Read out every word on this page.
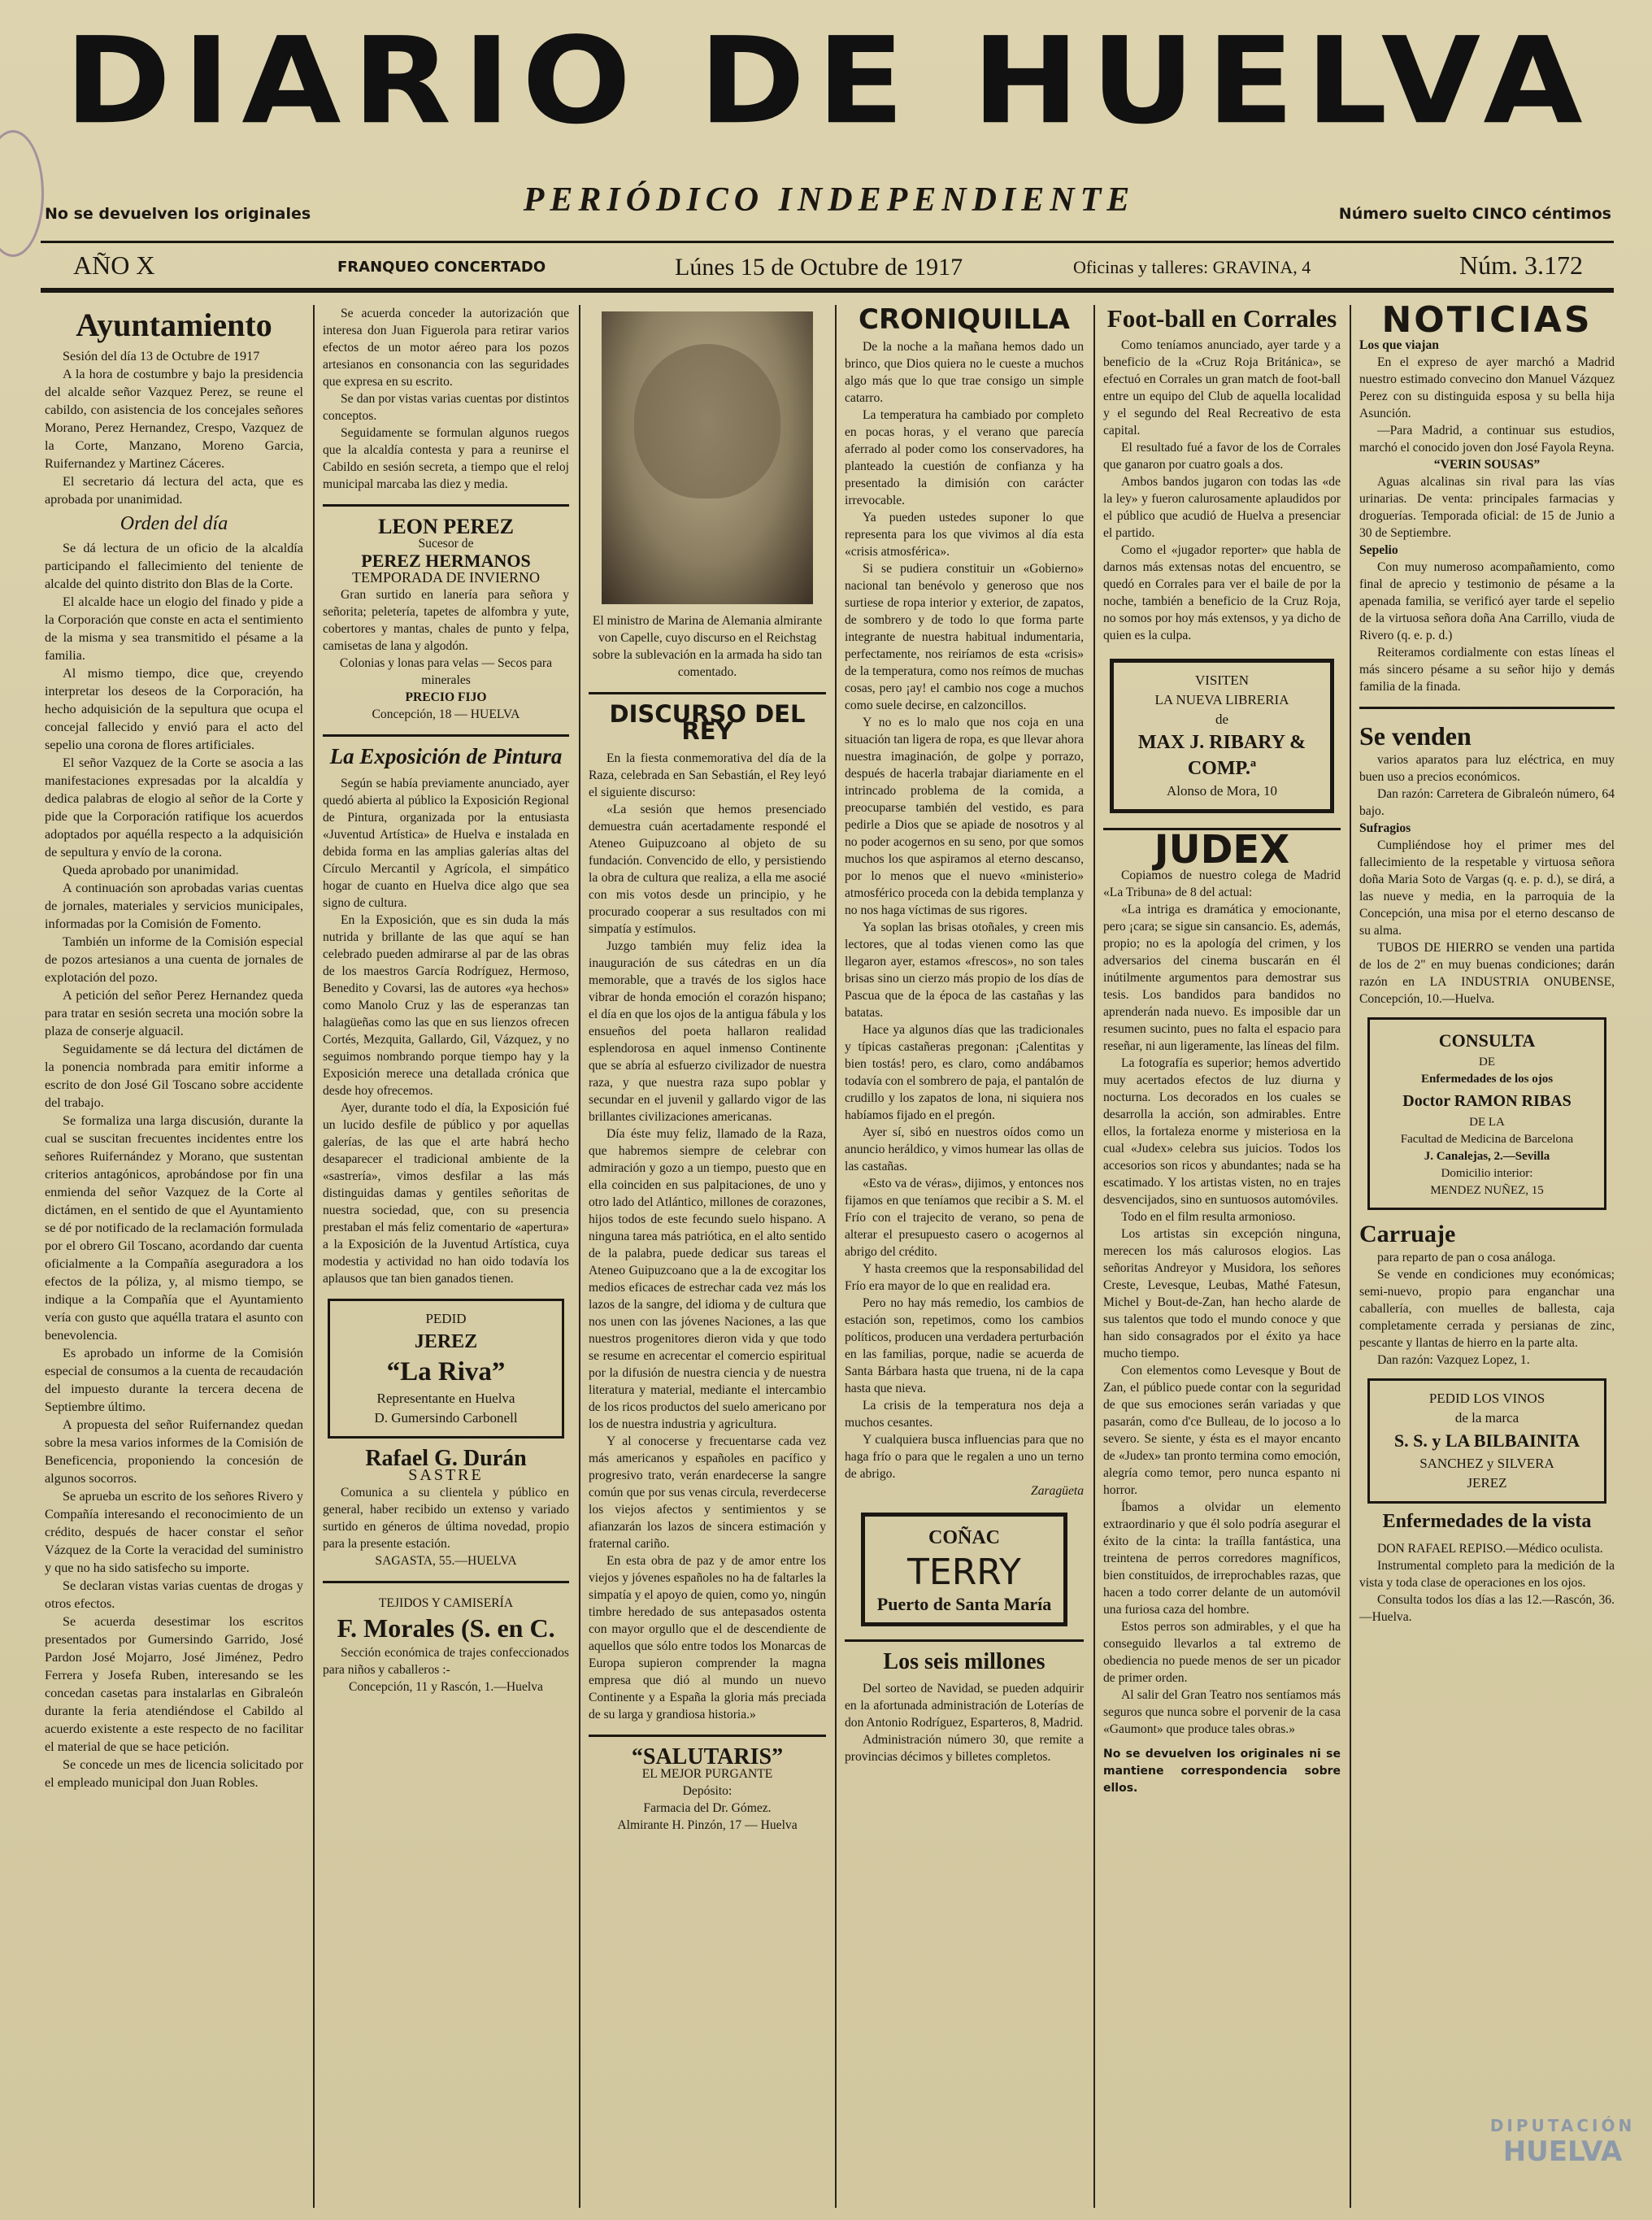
DIARIO DE HUELVA
PERIÓDICO INDEPENDIENTE
No se devuelven los originales	Número suelto CINCO céntimos
AÑO X	FRANQUEO CONCERTADO	Lúnes 15 de Octubre de 1917	Oficinas y talleres: GRAVINA, 4	Núm. 3.172
Ayuntamiento

Sesión del día 13 de Octubre de 1917

A la hora de costumbre y bajo la presidencia del alcalde señor Vazquez Perez, se reune el cabildo, con asistencia de los concejales señores Morano, Perez Hernandez, Crespo, Vazquez de la Corte, Manzano, Moreno Garcia, Ruifernandez y Martinez Cáceres.

El secretario dá lectura del acta, que es aprobada por unanimidad.

Orden del día

Se dá lectura de un oficio de la alcaldía participando el fallecimiento del teniente de alcalde del quinto distrito don Blas de la Corte.

El alcalde hace un elogio del finado y pide a la Corporación que conste en acta el sentimiento de la misma y sea transmitido el pésame a la familia.

Al mismo tiempo, dice que, creyendo interpretar los deseos de la Corporación, ha hecho adquisición de la sepultura que ocupa el concejal fallecido y envió para el acto del sepelio una corona de flores artificiales.

El señor Vazquez de la Corte se asocia a las manifestaciones expresadas por la alcaldía y dedica palabras de elogio al señor de la Corte y pide que la Corporación ratifique los acuerdos adoptados por aquélla respecto a la adquisición de sepultura y envío de la corona.

Queda aprobado por unanimidad.

A continuación son aprobadas varias cuentas de jornales, materiales y servicios municipales, informadas por la Comisión de Fomento.

También un informe de la Comisión especial de pozos artesianos a una cuenta de jornales de explotación del pozo.

A petición del señor Perez Hernandez queda para tratar en sesión secreta una moción sobre la plaza de conserje alguacil.

Seguidamente se dá lectura del dictámen de la ponencia nombrada para emitir informe a escrito de don José Gil Toscano sobre accidente del trabajo.

Se formaliza una larga discusión, durante la cual se suscitan frecuentes incidentes entre los señores Ruifernández y Morano, que sustentan criterios antagónicos, aprobándose por fin una enmienda del señor Vazquez de la Corte al dictámen, en el sentido de que el Ayuntamiento se dé por notificado de la reclamación formulada por el obrero Gil Toscano, acordando dar cuenta oficialmente a la Compañía aseguradora a los efectos de la póliza, y, al mismo tiempo, se indique a la Compañía que el Ayuntamiento vería con gusto que aquélla tratara el asunto con benevolencia.

Es aprobado un informe de la Comisión especial de consumos a la cuenta de recaudación del impuesto durante la tercera decena de Septiembre último.

A propuesta del señor Ruifernandez quedan sobre la mesa varios informes de la Comisión de Beneficencia, proponiendo la concesión de algunos socorros.

Se aprueba un escrito de los señores Rivero y Compañía interesando el reconocimiento de un crédito, después de hacer constar el señor Vázquez de la Corte la veracidad del suministro y que no ha sido satisfecho su importe.

Se declaran vistas varias cuentas de drogas y otros efectos.

Se acuerda desestimar los escritos presentados por Gumersindo Garrido, José Pardon José Mojarro, José Jiménez, Pedro Ferrera y Josefa Ruben, interesando se les concedan casetas para instalarlas en Gibraleón durante la feria atendiéndose el Cabildo al acuerdo existente a este respecto de no facilitar el material de que se hace petición.

Se concede un mes de licencia solicitado por el empleado municipal don Juan Robles.

Se acuerda conceder la autorización que interesa don Juan Figuerola para retirar varios efectos de un motor aéreo para los pozos artesianos en consonancia con las seguridades que expresa en su escrito.

Se dan por vistas varias cuentas por distintos conceptos.

Seguidamente se formulan algunos ruegos que la alcaldía contesta y para a reunirse el Cabildo en sesión secreta, a tiempo que el reloj municipal marcaba las diez y media.

LEON PEREZ
Sucesor de
PEREZ HERMANOS
TEMPORADA DE INVIERNO

Gran surtido en lanería para señora y señorita; peletería, tapetes de alfombra y yute, cobertores y mantas, chales de punto y felpa, camisetas de lana y algodón.

Colonias y lonas para velas — Secos para minerales
PRECIO FIJO
Concepción, 18 — HUELVA
La Exposición de Pintura

Según se había previamente anunciado, ayer quedó abierta al público la Exposición Regional de Pintura, organizada por la entusiasta «Juventud Artística» de Huelva e instalada en debida forma en las amplias galerías altas del Círculo Mercantil y Agrícola, el simpático hogar de cuanto en Huelva dice algo que sea signo de cultura.

En la Exposición, que es sin duda la más nutrida y brillante de las que aquí se han celebrado pueden admirarse al par de las obras de los maestros García Rodríguez, Hermoso, Benedito y Covarsi, las de autores «ya hechos» como Manolo Cruz y las de esperanzas tan halagüeñas como las que en sus lienzos ofrecen Cortés, Mezquita, Gallardo, Gil, Vázquez, y no seguimos nombrando porque tiempo hay y la Exposición merece una detallada crónica que desde hoy ofrecemos.

Ayer, durante todo el día, la Exposición fué un lucido desfile de público y por aquellas galerías, de las que el arte habrá hecho desaparecer el tradicional ambiente de la «sastrería», vimos desfilar a las más distinguidas damas y gentiles señoritas de nuestra sociedad, que, con su presencia prestaban el más feliz comentario de «apertura» a la Exposición de la Juventud Artística, cuya modestia y actividad no han oido todavía los aplausos que tan bien ganados tienen.

PEDID
JEREZ
“La Riva”
Representante en Huelva
D. Gumersindo Carbonell
Rafael G. Durán
SASTRE

Comunica a su clientela y público en general, haber recibido un extenso y variado surtido en géneros de última novedad, propio para la presente estación.

SAGASTA, 55.—HUELVA
TEJIDOS Y CAMISERÍA
F. Morales (S. en C.

Sección económica de trajes confeccionados para niños y caballeros :-

Concepción, 11 y Rascón, 1.—Huelva

El ministro de Marina de Alemania almirante von Capelle, cuyo discurso en el Reichstag sobre la sublevación en la armada ha sido tan comentado.

DISCURSO DEL REY

En la fiesta conmemorativa del día de la Raza, celebrada en San Sebastián, el Rey leyó el siguiente discurso:

«La sesión que hemos presenciado demuestra cuán acertadamente respondé el Ateneo Guipuzcoano al objeto de su fundación. Convencido de ello, y persistiendo la obra de cultura que realiza, a ella me asocié con mis votos desde un principio, y he procurado cooperar a sus resultados con mi simpatía y estímulos.

Juzgo también muy feliz idea la inauguración de sus cátedras en un día memorable, que a través de los siglos hace vibrar de honda emoción el corazón hispano; el día en que los ojos de la antigua fábula y los ensueños del poeta hallaron realidad esplendorosa en aquel inmenso Continente que se abría al esfuerzo civilizador de nuestra raza, y que nuestra raza supo poblar y secundar en el juvenil y gallardo vigor de las brillantes civilizaciones americanas.

Día éste muy feliz, llamado de la Raza, que habremos siempre de celebrar con admiración y gozo a un tiempo, puesto que en ella coinciden en sus palpitaciones, de uno y otro lado del Atlántico, millones de corazones, hijos todos de este fecundo suelo hispano. A ninguna tarea más patriótica, en el alto sentido de la palabra, puede dedicar sus tareas el Ateneo Guipuzcoano que a la de excogitar los medios eficaces de estrechar cada vez más los lazos de la sangre, del idioma y de cultura que nos unen con las jóvenes Naciones, a las que nuestros progenitores dieron vida y que todo se resume en acrecentar el comercio espiritual por la difusión de nuestra ciencia y de nuestra literatura y material, mediante el intercambio de los ricos productos del suelo americano por los de nuestra industria y agricultura.

Y al conocerse y frecuentarse cada vez más americanos y españoles en pacífico y progresivo trato, verán enardecerse la sangre común que por sus venas circula, reverdecerse los viejos afectos y sentimientos y se afianzarán los lazos de sincera estimación y fraternal cariño.

En esta obra de paz y de amor entre los viejos y jóvenes españoles no ha de faltarles la simpatía y el apoyo de quien, como yo, ningún timbre heredado de sus antepasados ostenta con mayor orgullo que el de descendiente de aquellos que sólo entre todos los Monarcas de Europa supieron comprender la magna empresa que dió al mundo un nuevo Continente y a España la gloria más preciada de su larga y grandiosa historia.»

“SALUTARIS”
EL MEJOR PURGANTE
Depósito:
Farmacia del Dr. Gómez.
Almirante H. Pinzón, 17 — Huelva
CRONIQUILLA

De la noche a la mañana hemos dado un brinco, que Dios quiera no le cueste a muchos algo más que lo que trae consigo un simple catarro.

La temperatura ha cambiado por completo en pocas horas, y el verano que parecía aferrado al poder como los conservadores, ha planteado la cuestión de confianza y ha presentado la dimisión con carácter irrevocable.

Ya pueden ustedes suponer lo que representa para los que vivimos al día esta «crisis atmosférica».

Si se pudiera constituir un «Gobierno» nacional tan benévolo y generoso que nos surtiese de ropa interior y exterior, de zapatos, de sombrero y de todo lo que forma parte integrante de nuestra habitual indumentaria, perfectamente, nos reiríamos de esta «crisis» de la temperatura, como nos reímos de muchas cosas, pero ¡ay! el cambio nos coge a muchos como suele decirse, en calzoncillos.

Y no es lo malo que nos coja en una situación tan ligera de ropa, es que llevar ahora nuestra imaginación, de golpe y porrazo, después de hacerla trabajar diariamente en el intrincado problema de la comida, a preocuparse también del vestido, es para pedirle a Dios que se apiade de nosotros y al no poder acogernos en su seno, por que somos muchos los que aspiramos al eterno descanso, por lo menos que el nuevo «ministerio» atmosférico proceda con la debida templanza y no nos haga víctimas de sus rigores.

Ya soplan las brisas otoñales, y creen mis lectores, que al todas vienen como las que llegaron ayer, estamos «frescos», no son tales brisas sino un cierzo más propio de los días de Pascua que de la época de las castañas y las batatas.

Hace ya algunos días que las tradicionales y típicas castañeras pregonan: ¡Calentitas y bien tostás! pero, es claro, como andábamos todavía con el sombrero de paja, el pantalón de crudillo y los zapatos de lona, ni siquiera nos habíamos fijado en el pregón.

Ayer sí, sibó en nuestros oídos como un anuncio heráldico, y vimos humear las ollas de las castañas.

«Esto va de véras», dijimos, y entonces nos fijamos en que teníamos que recibir a S. M. el Frío con el trajecito de verano, so pena de alterar el presupuesto casero o acogernos al abrigo del crédito.

Y hasta creemos que la responsabilidad del Frío era mayor de lo que en realidad era.

Pero no hay más remedio, los cambios de estación son, repetimos, como los cambios políticos, producen una verdadera perturbación en las familias, porque, nadie se acuerda de Santa Bárbara hasta que truena, ni de la capa hasta que nieva.

La crisis de la temperatura nos deja a muchos cesantes.

Y cualquiera busca influencias para que no haga frío o para que le regalen a uno un terno de abrigo.

Zaragüeta
COÑAC
TERRY
Puerto de Santa María
Los seis millones

Del sorteo de Navidad, se pueden adquirir en la afortunada administración de Loterías de don Antonio Rodríguez, Esparteros, 8, Madrid.

Administración número 30, que remite a provincias décimos y billetes completos.

Foot-ball en Corrales

Como teníamos anunciado, ayer tarde y a beneficio de la «Cruz Roja Británica», se efectuó en Corrales un gran match de foot-ball entre un equipo del Club de aquella localidad y el segundo del Real Recreativo de esta capital.

El resultado fué a favor de los de Corrales que ganaron por cuatro goals a dos.

Ambos bandos jugaron con todas las «de la ley» y fueron calurosamente aplaudidos por el público que acudió de Huelva a presenciar el partido.

Como el «jugador reporter» que habla de darnos más extensas notas del encuentro, se quedó en Corrales para ver el baile de por la noche, también a beneficio de la Cruz Roja, no somos por hoy más extensos, y ya dicho de quien es la culpa.

VISITEN
LA NUEVA LIBRERIA
de
MAX J. RIBARY & COMP.ª
Alonso de Mora, 10
JUDEX

Copiamos de nuestro colega de Madrid «La Tribuna» de 8 del actual:

«La intriga es dramática y emocionante, pero ¡cara; se sigue sin cansancio. Es, además, propio; no es la apología del crimen, y los adversarios del cinema buscarán en él inútilmente argumentos para demostrar sus tesis. Los bandidos para bandidos no aprenderán nada nuevo. Es imposible dar un resumen sucinto, pues no falta el espacio para reseñar, ni aun ligeramente, las líneas del film.

La fotografía es superior; hemos advertido muy acertados efectos de luz diurna y nocturna. Los decorados en los cuales se desarrolla la acción, son admirables. Entre ellos, la fortaleza enorme y misteriosa en la cual «Judex» celebra sus juicios. Todos los accesorios son ricos y abundantes; nada se ha escatimado. Y los artistas visten, no en trajes desvencijados, sino en suntuosos automóviles.

Todo en el film resulta armonioso.

Los artistas sin excepción ninguna, merecen los más calurosos elogios. Las señoritas Andreyor y Musidora, los señores Creste, Levesque, Leubas, Mathé Fatesun, Michel y Bout-de-Zan, han hecho alarde de sus talentos que todo el mundo conoce y que han sido consagrados por el éxito ya hace mucho tiempo.

Con elementos como Levesque y Bout de Zan, el público puede contar con la seguridad de que sus emociones serán variadas y que pasarán, como d'ce Bulleau, de lo jocoso a lo severo. Se siente, y ésta es el mayor encanto de «Judex» tan pronto termina como emoción, alegría como temor, pero nunca espanto ni horror.

Íbamos a olvidar un elemento extraordinario y que él solo podría asegurar el éxito de la cinta: la traílla fantástica, una treintena de perros corredores magníficos, bien constituidos, de irreprochables razas, que hacen a todo correr delante de un automóvil una furiosa caza del hombre.

Estos perros son admirables, y el que ha conseguido llevarlos a tal extremo de obediencia no puede menos de ser un picador de primer orden.

Al salir del Gran Teatro nos sentíamos más seguros que nunca sobre el porvenir de la casa «Gaumont» que produce tales obras.»

No se devuelven los originales ni se mantiene correspondencia sobre ellos.

NOTICIAS
Los que viajan

En el expreso de ayer marchó a Madrid nuestro estimado convecino don Manuel Vázquez Perez con su distinguida esposa y su bella hija Asunción.

—Para Madrid, a continuar sus estudios, marchó el conocido joven don José Fayola Reyna.

“VERIN SOUSAS”

Aguas alcalinas sin rival para las vías urinarias. De venta: principales farmacias y droguerías. Temporada oficial: de 15 de Junio a 30 de Septiembre.

Sepelio

Con muy numeroso acompañamiento, como final de aprecio y testimonio de pésame a la apenada familia, se verificó ayer tarde el sepelio de la virtuosa señora doña Ana Carrillo, viuda de Rivero (q. e. p. d.)

Reiteramos cordialmente con estas líneas el más sincero pésame a su señor hijo y demás familia de la finada.

Se venden

varios aparatos para luz eléctrica, en muy buen uso a precios económicos.

Dan razón: Carretera de Gibraleón número, 64 bajo.

Sufragios

Cumpliéndose hoy el primer mes del fallecimiento de la respetable y virtuosa señora doña Maria Soto de Vargas (q. e. p. d.), se dirá, a las nueve y media, en la parroquia de la Concepción, una misa por el eterno descanso de su alma.

TUBOS DE HIERRO se venden una partida de los de 2" en muy buenas condiciones; darán razón en LA INDUSTRIA ONUBENSE, Concepción, 10.—Huelva.

CONSULTA
DE
Enfermedades de los ojos
Doctor RAMON RIBAS
DE LA
Facultad de Medicina de Barcelona
J. Canalejas, 2.—Sevilla
Domicilio interior:
MENDEZ NUÑEZ, 15
Carruaje

para reparto de pan o cosa análoga.

Se vende en condiciones muy económicas; semi-nuevo, propio para enganchar una caballería, con muelles de ballesta, caja completamente cerrada y persianas de zinc, pescante y llantas de hierro en la parte alta.

Dan razón: Vazquez Lopez, 1.

PEDID LOS VINOS
de la marca
S. S. y LA BILBAINITA
SANCHEZ y SILVERA
JEREZ
Enfermedades de la vista

DON RAFAEL REPISO.—Médico oculista.

Instrumental completo para la medición de la vista y toda clase de operaciones en los ojos.

Consulta todos los días a las 12.—Rascón, 36.—Huelva.

DIPUTACIÓN
HUELVA
